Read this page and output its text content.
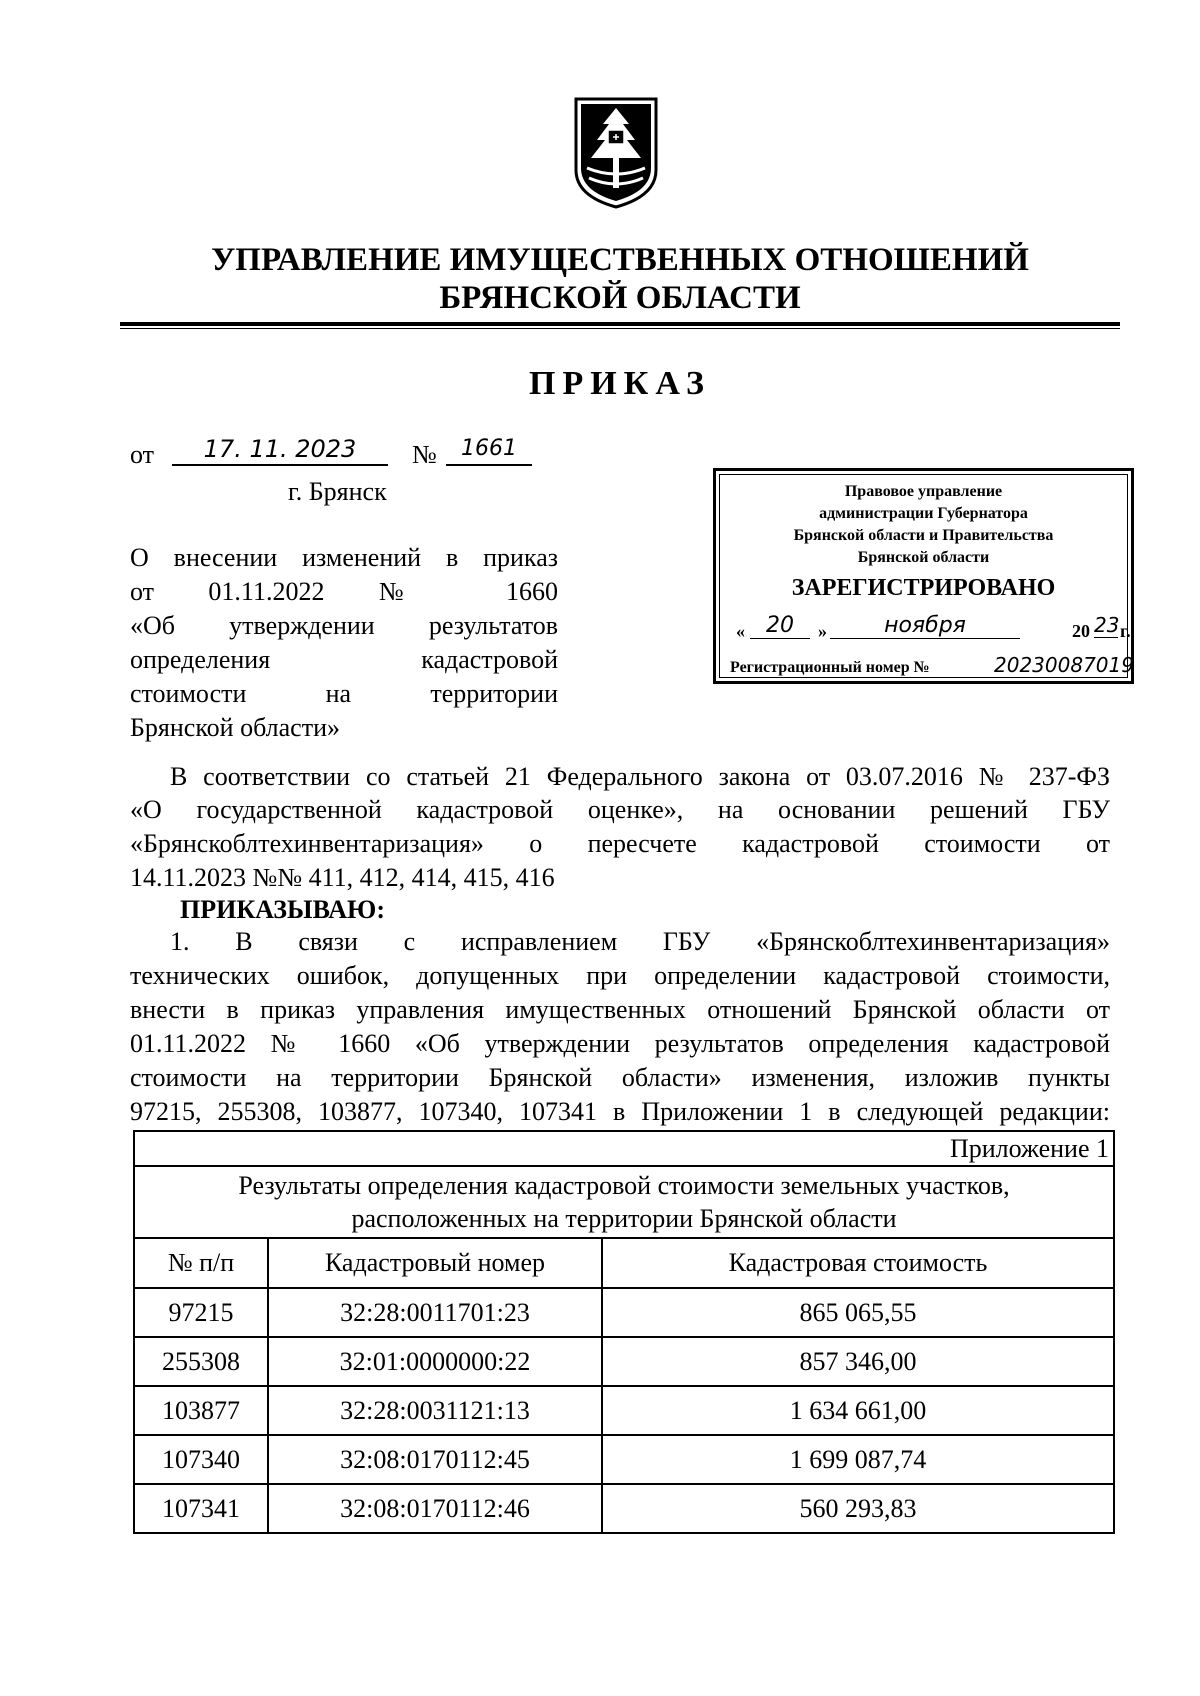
УПРАВЛЕНИЕ ИМУЩЕСТВЕННЫХ ОТНОШЕНИЙ
БРЯНСКОЙ ОБЛАСТИ
ПРИКАЗ
от	17. 11. 2023	№	1661
г. Брянск
О внесении изменений в приказ
от 01.11.2022 № 1660
«Об утверждении результатов
определения кадастровой
стоимости на территории
Брянской области»
Правовое управление
администрации Губернатора
Брянской области и Правительства
Брянской области
ЗАРЕГИСТРИРОВАНО
« 20	»	ноября	20 23 г.
Регистрационный номер №	20230087019
В соответствии со статьей 21 Федерального закона от 03.07.2016 № 237-ФЗ
«О государственной кадастровой оценке», на основании решений ГБУ
«Брянскоблтехинвентаризация» о пересчете кадастровой стоимости от
14.11.2023 №№ 411, 412, 414, 415, 416
ПРИКАЗЫВАЮ:
1. В связи с исправлением ГБУ «Брянскоблтехинвентаризация»
технических ошибок, допущенных при определении кадастровой стоимости,
внести в приказ управления имущественных отношений Брянской области от
01.11.2022 № 1660 «Об утверждении результатов определения кадастровой
стоимости на территории Брянской области» изменения, изложив пункты
97215, 255308, 103877, 107340, 107341 в Приложении 1 в следующей редакции:
Приложение 1		

Результаты определения кадастровой стоимости земельных участков,
расположенных на территории Брянской области		

№ п/п	Кадастровый номер	Кадастровая стоимость
97215	32:28:0011701:23	865 065,55
255308	32:01:0000000:22	857 346,00
103877	32:28:0031121:13	1 634 661,00
107340	32:08:0170112:45	1 699 087,74
107341	32:08:0170112:46	560 293,83
